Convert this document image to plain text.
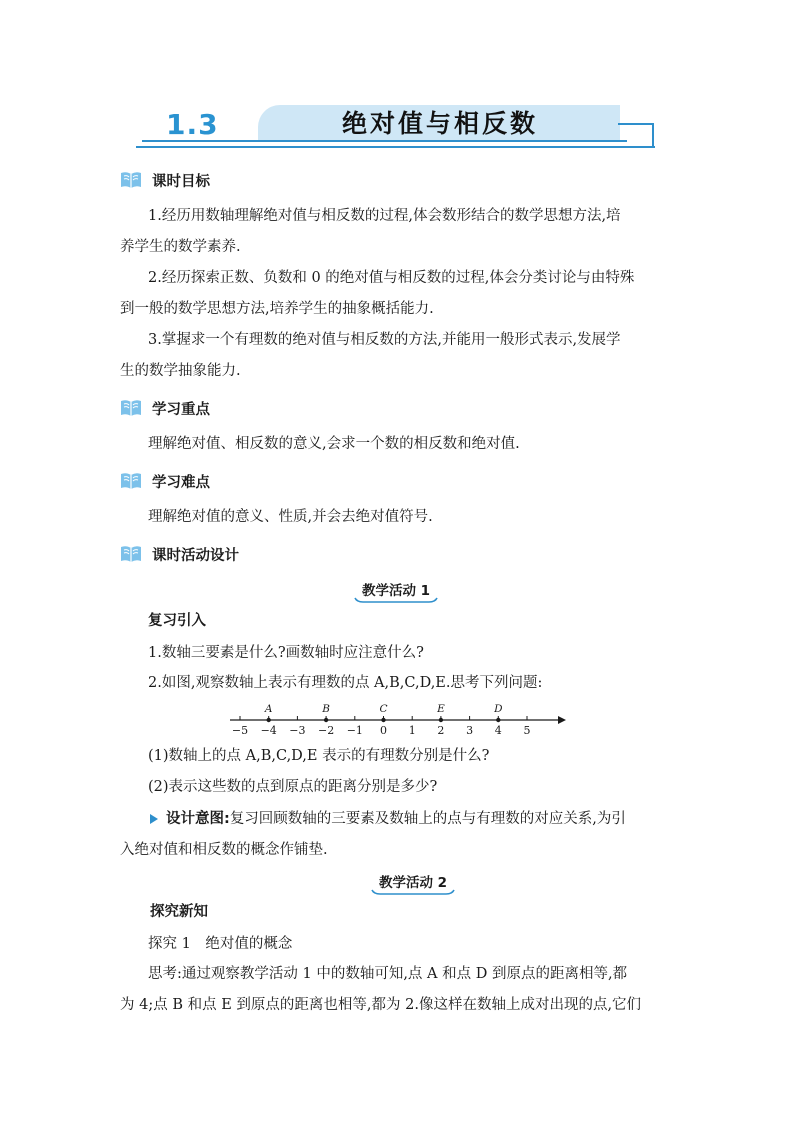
1.3	绝对值与相反数
课时目标
1.经历用数轴理解绝对值与相反数的过程,体会数形结合的数学思想方法,培
养学生的数学素养.
2.经历探索正数、负数和 0 的绝对值与相反数的过程,体会分类讨论与由特殊
到一般的数学思想方法,培养学生的抽象概括能力.
3.掌握求一个有理数的绝对值与相反数的方法,并能用一般形式表示,发展学
生的数学抽象能力.
学习重点
理解绝对值、相反数的意义,会求一个数的相反数和绝对值.
学习难点
理解绝对值的意义、性质,并会去绝对值符号.
课时活动设计
教学活动 1
复习引入
1.数轴三要素是什么?画数轴时应注意什么?
2.如图,观察数轴上表示有理数的点 A,B,C,D,E.思考下列问题:
−5 −4 −3 −2 −1 0 1 2 3 4 5
A	B	C	E	D
(1)数轴上的点 A,B,C,D,E 表示的有理数分别是什么?
(2)表示这些数的点到原点的距离分别是多少?
设计意图:复习回顾数轴的三要素及数轴上的点与有理数的对应关系,为引
入绝对值和相反数的概念作铺垫.
教学活动 2
探究新知
探究 1　绝对值的概念
思考:通过观察教学活动 1 中的数轴可知,点 A 和点 D 到原点的距离相等,都
为 4;点 B 和点 E 到原点的距离也相等,都为 2.像这样在数轴上成对出现的点,它们
